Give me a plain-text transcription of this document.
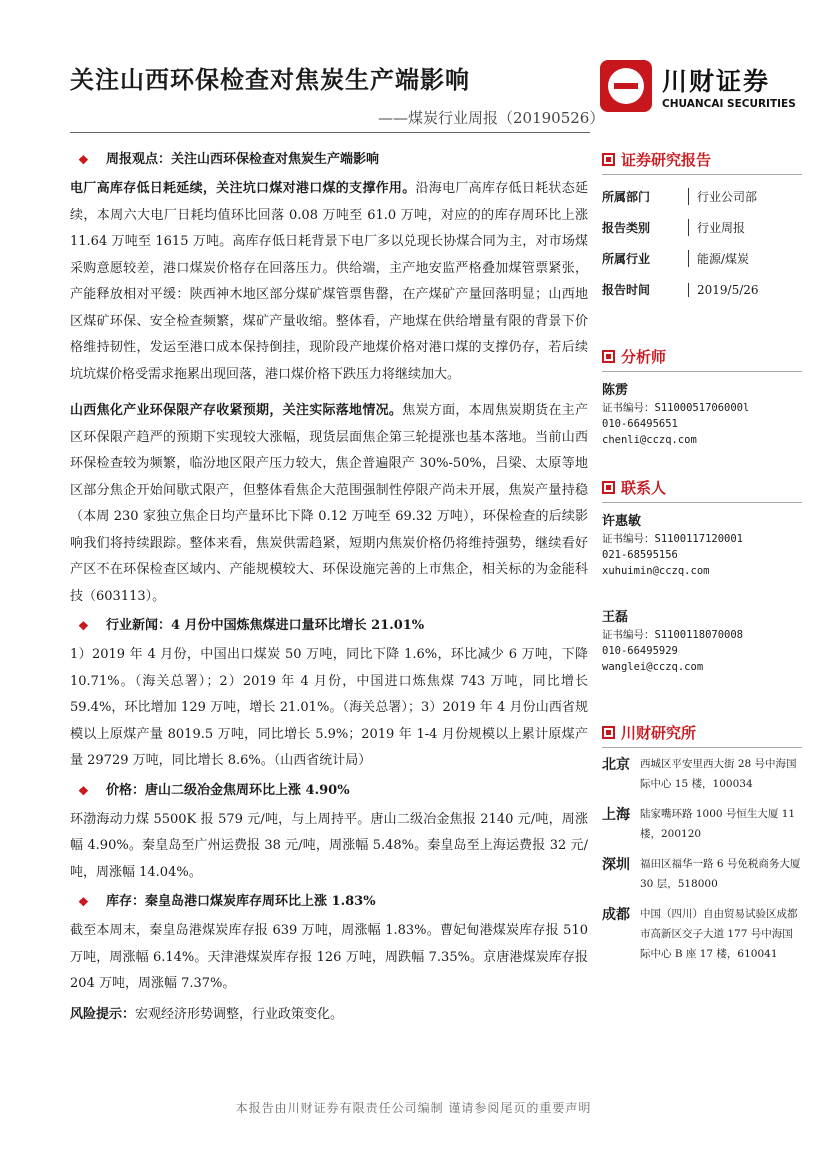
关注山西环保检查对焦炭生产端影响
——煤炭行业周报（20190526）
川财证券
CHUANCAI SECURITIES
❖	周报观点：关注山西环保检查对焦炭生产端影响

电厂高库存低日耗延续，关注坑口煤对港口煤的支撑作用。沿海电厂高库存低日耗状态延续，本周六大电厂日耗均值环比回落 0.08 万吨至 61.0 万吨，对应的的库存周环比上涨 11.64 万吨至 1615 万吨。高库存低日耗背景下电厂多以兑现长协煤合同为主，对市场煤采购意愿较差，港口煤炭价格存在回落压力。供给端，主产地安监严格叠加煤管票紧张，产能释放相对平缓：陕西神木地区部分煤矿煤管票售罄，在产煤矿产量回落明显；山西地区煤矿环保、安全检查频繁，煤矿产量收缩。整体看，产地煤在供给增量有限的背景下价格维持韧性，发运至港口成本保持倒挂，现阶段产地煤价格对港口煤的支撑仍存，若后续坑坑煤价格受需求拖累出现回落，港口煤价格下跌压力将继续加大。

山西焦化产业环保限产存收紧预期，关注实际落地情况。焦炭方面，本周焦炭期货在主产区环保限产趋严的预期下实现较大涨幅，现货层面焦企第三轮提涨也基本落地。当前山西环保检查较为频繁，临汾地区限产压力较大，焦企普遍限产 30%-50%，吕梁、太原等地区部分焦企开始间歇式限产，但整体看焦企大范围强制性停限产尚未开展，焦炭产量持稳（本周 230 家独立焦企日均产量环比下降 0.12 万吨至 69.32 万吨），环保检查的后续影响我们将持续跟踪。整体来看，焦炭供需趋紧，短期内焦炭价格仍将维持强势，继续看好产区不在环保检查区域内、产能规模较大、环保设施完善的上市焦企，相关标的为金能科技（603113）。

❖	行业新闻：4 月份中国炼焦煤进口量环比增长 21.01%

1）2019 年 4 月份，中国出口煤炭 50 万吨，同比下降 1.6%，环比减少 6 万吨，下降 10.71%。（海关总署）；2）2019 年 4 月份，中国进口炼焦煤 743 万吨，同比增长 59.4%，环比增加 129 万吨，增长 21.01%。（海关总署）；3）2019 年 4 月份山西省规模以上原煤产量 8019.5 万吨，同比增长 5.9%；2019 年 1-4 月份规模以上累计原煤产量 29729 万吨，同比增长 8.6%。（山西省统计局）

❖	价格：唐山二级冶金焦周环比上涨 4.90%

环渤海动力煤 5500K 报 579 元/吨，与上周持平。唐山二级冶金焦报 2140 元/吨，周涨幅 4.90%。秦皇岛至广州运费报 38 元/吨，周涨幅 5.48%。秦皇岛至上海运费报 32 元/吨，周涨幅 14.04%。

❖	库存：秦皇岛港口煤炭库存周环比上涨 1.83%

截至本周末，秦皇岛港煤炭库存报 639 万吨，周涨幅 1.83%。曹妃甸港煤炭库存报 510 万吨，周涨幅 6.14%。天津港煤炭库存报 126 万吨，周跌幅 7.35%。京唐港煤炭库存报 204 万吨，周涨幅 7.37%。

风险提示：宏观经济形势调整，行业政策变化。

证券研究报告
所属部门	行业公司部
报告类别	行业周报
所属行业	能源/煤炭
报告时间	2019/5/26
分析师
陈雳
证书编号：S1100051706000l
010-66495651
chenli@cczq.com
联系人
许惠敏
证书编号：S1100117120001
021-68595156
xuhuimin@cczq.com
王磊
证书编号：S1100118070008
010-66495929
wanglei@cczq.com
川财研究所
北京 西城区平安里西大街 28 号中海国际中心 15 楼，100034
上海 陆家嘴环路 1000 号恒生大厦 11 楼，200120
深圳 福田区福华一路 6 号免税商务大厦 30 层，518000
成都 中国（四川）自由贸易试验区成都市高新区交子大道 177 号中海国际中心 B 座 17 楼，610041
本报告由川财证券有限责任公司编制 谨请参阅尾页的重要声明
